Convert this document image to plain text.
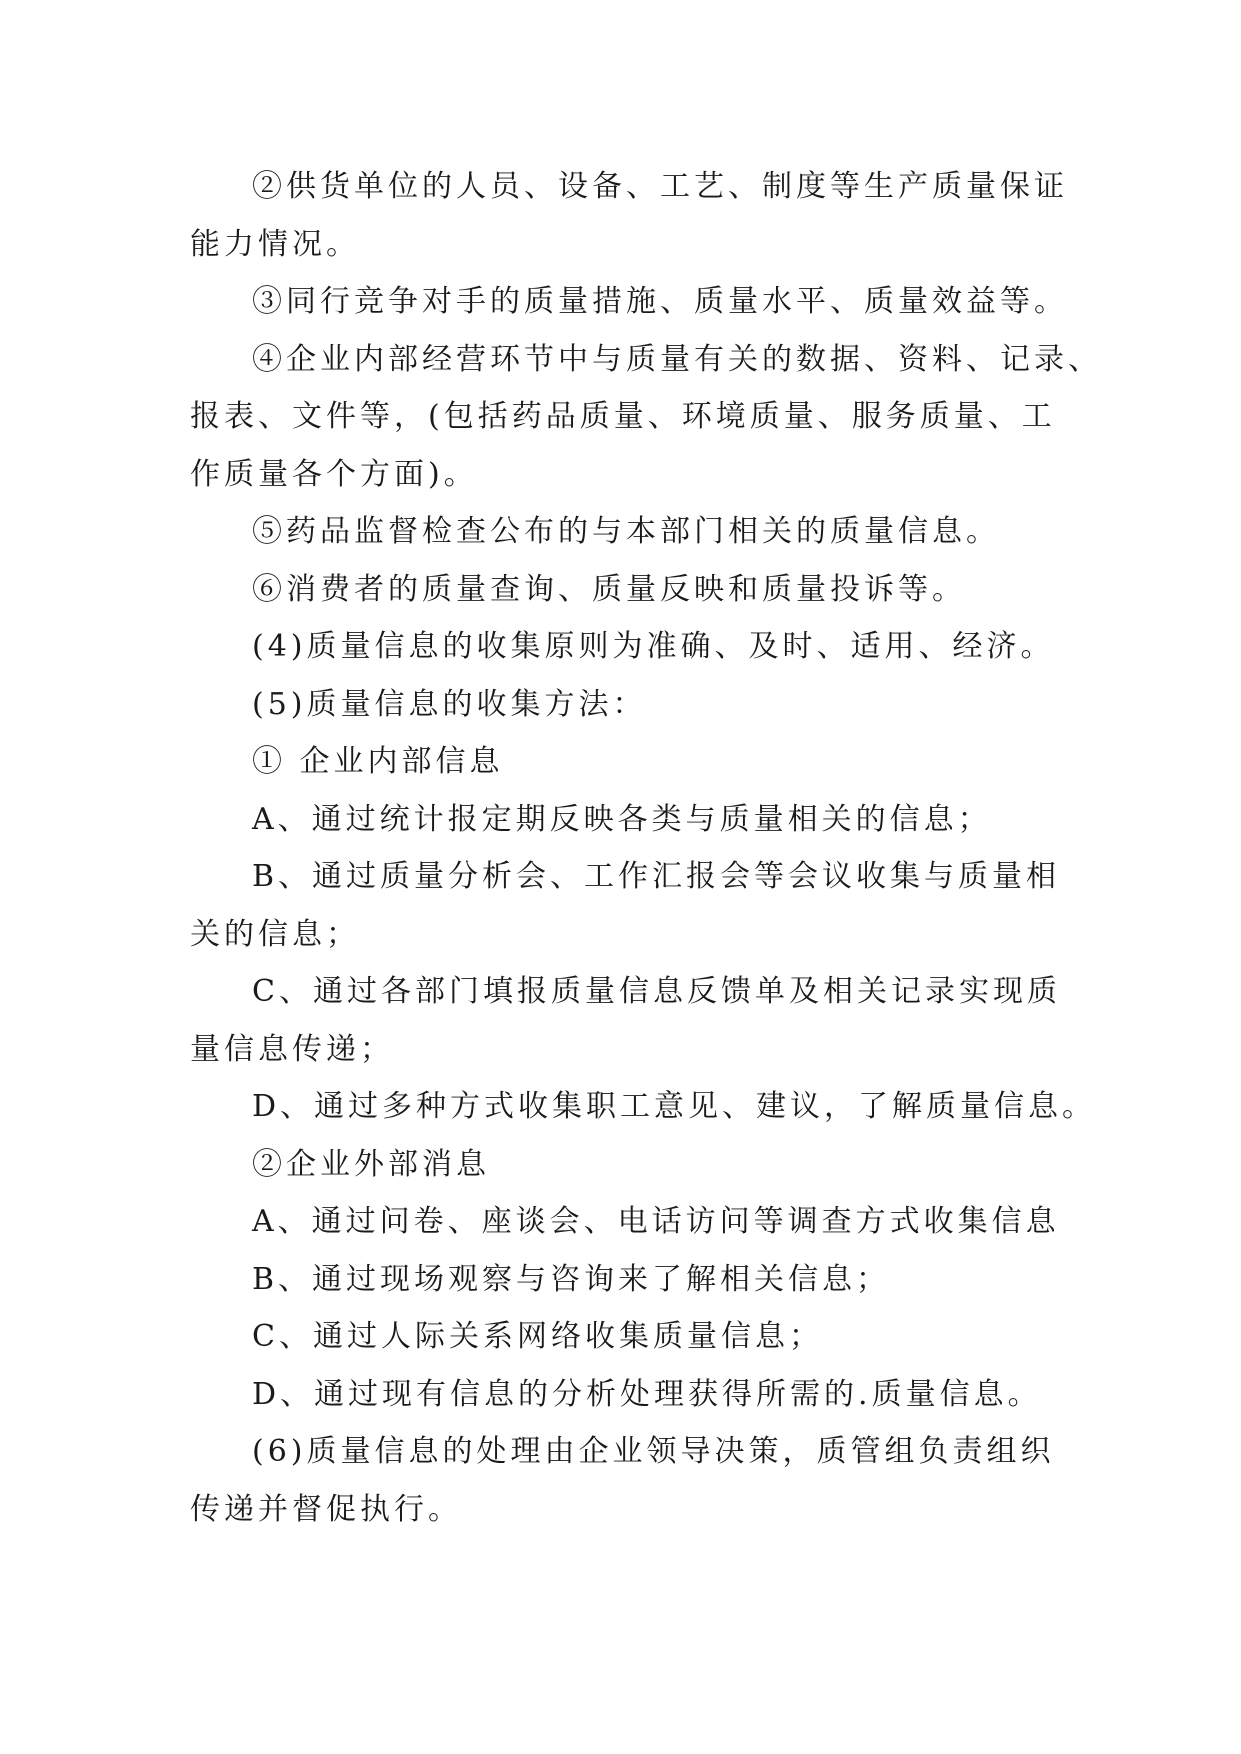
②供货单位的人员、设备、工艺、制度等生产质量保证

能力情况。

③同行竞争对手的质量措施、质量水平、质量效益等。

④企业内部经营环节中与质量有关的数据、资料、记录、

报表、文件等，(包括药品质量、环境质量、服务质量、工

作质量各个方面)。

⑤药品监督检查公布的与本部门相关的质量信息。

⑥消费者的质量查询、质量反映和质量投诉等。

(4)质量信息的收集原则为准确、及时、适用、经济。

(5)质量信息的收集方法：

① 企业内部信息

A、通过统计报定期反映各类与质量相关的信息；

B、通过质量分析会、工作汇报会等会议收集与质量相

关的信息；

C、通过各部门填报质量信息反馈单及相关记录实现质

量信息传递；

D、通过多种方式收集职工意见、建议，了解质量信息。

②企业外部消息

A、通过问卷、座谈会、电话访问等调查方式收集信息

B、通过现场观察与咨询来了解相关信息；

C、通过人际关系网络收集质量信息；

D、通过现有信息的分析处理获得所需的.质量信息。

(6)质量信息的处理由企业领导决策，质管组负责组织

传递并督促执行。
